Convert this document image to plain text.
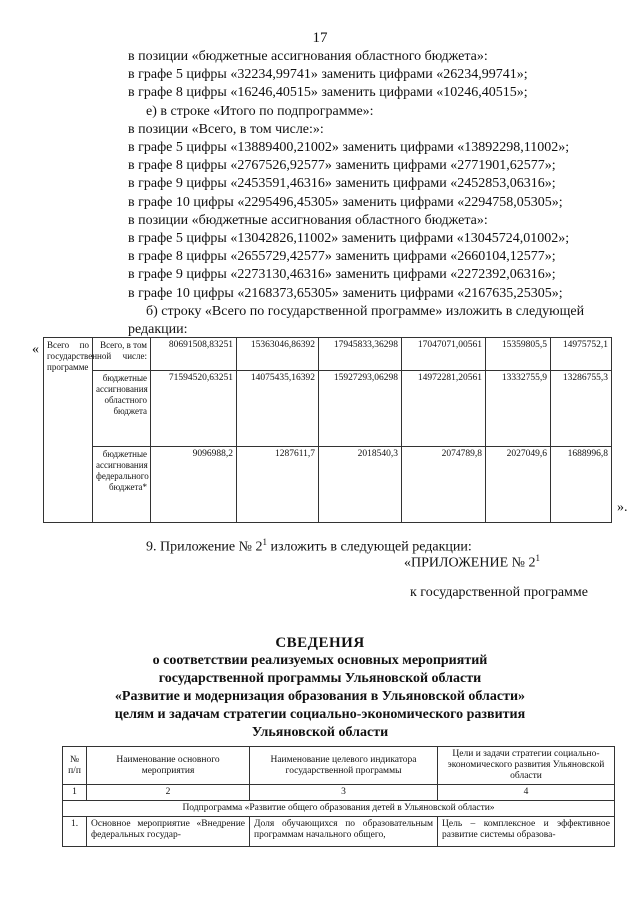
17
в позиции «бюджетные ассигнования областного бюджета»:
в графе 5 цифры «32234,99741» заменить цифрами «26234,99741»;
в графе 8 цифры «16246,40515» заменить цифрами «10246,40515»;
е) в строке «Итого по подпрограмме»:
в позиции «Всего, в том числе:»:
в графе 5 цифры «13889400,21002» заменить цифрами «13892298,11002»;
в графе 8 цифры «2767526,92577» заменить цифрами «2771901,62577»;
в графе 9 цифры «2453591,46316» заменить цифрами «2452853,06316»;
в графе 10 цифры «2295496,45305» заменить цифрами «2294758,05305»;
в позиции «бюджетные ассигнования областного бюджета»:
в графе 5 цифры «13042826,11002» заменить цифрами «13045724,01002»;
в графе 8 цифры «2655729,42577» заменить цифрами «2660104,12577»;
в графе 9 цифры «2273130,46316» заменить цифрами «2272392,06316»;
в графе 10 цифры «2168373,65305» заменить цифрами «2167635,25305»;
б) строку «Всего по государственной программе» изложить в следующей
редакции:
« Всего по государственной программе	Всего, в том числе:	80691508,83251	15363046,86392	17945833,36298	17047071,00561	15359805,5	14975752,1
	бюджетные ассигнования областного бюджета	71594520,63251	14075435,16392	15927293,06298	14972281,20561	13332755,9	13286755,3
	бюджетные ассигнования федерального бюджета*	9096988,2	1287611,7	2018540,3	2074789,8	2027049,6	1688996,8
».
9. Приложение № $2^1$ изложить в следующей редакции:
«ПРИЛОЖЕНИЕ № $2^1$
к государственной программе
СВЕДЕНИЯ
о соответствии реализуемых основных мероприятий
государственной программы Ульяновской области
«Развитие и модернизация образования в Ульяновской области»
целям и задачам стратегии социально-экономического развития
Ульяновской области
№ п/п	Наименование основного мероприятия	Наименование целевого индикатора государственной программы	Цели и задачи стратегии социально-экономического развития Ульяновской области
1	2	3	4
Подпрограмма «Развитие общего образования детей в Ульяновской области»			
1.	Основное мероприятие «Внедрение федеральных государ-	Доля обучающихся по образовательным программам начального общего,	Цель – комплексное и эффективное развитие системы образова-
